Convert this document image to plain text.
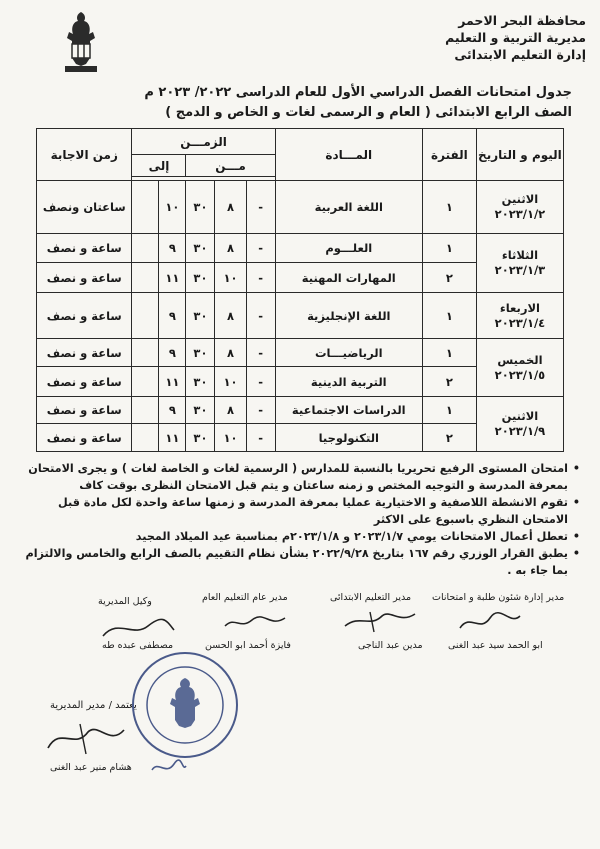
محافظة البحر الاحمر
مديرية التربية و التعليم
إدارة التعليم الابتدائى
جدول امتحانات الفصل الدراسي الأول للعام الدراسى ٢٠٢٢/ ٢٠٢٣ م
الصف الرابع الابتدائى ( العام و الرسمى لغات و الخاص و الدمج )
اليوم و التاريخ	الفترة	المـــادة	الزمـــن					زمن الاجابة
			مـــن			إلى		

الاثنين
٢٠٢٣/١/٢	١	اللغة العربية	-	٨	٣٠	١٠		ساعتان ونصف

الثلاثاء
٢٠٢٣/١/٣	١	العلـــوم	-	٨	٣٠	٩		ساعة و نصف
	٢	المهارات المهنية	-	١٠	٣٠	١١		ساعة و نصف

الاربعاء
٢٠٢٣/١/٤	١	اللغة الإنجليزية	-	٨	٣٠	٩		ساعة و نصف

الخميس
٢٠٢٣/١/٥	١	الرياضيـــات	-	٨	٣٠	٩		ساعة و نصف
	٢	التربية الدينية	-	١٠	٣٠	١١		ساعة و نصف

الاثنين
٢٠٢٣/١/٩	١	الدراسات الاجتماعية	-	٨	٣٠	٩		ساعة و نصف
	٢	التكنولوجيا	-	١٠	٣٠	١١		ساعة و نصف
• امتحان المستوى الرفيع تحريريا بالنسبة للمدارس ( الرسمية لغات و الخاصة لغات ) و يجرى الامتحان بمعرفة المدرسة و التوجيه المختص و زمنه ساعتان و يتم قبل الامتحان النظرى بوقت كاف
• تقوم الانشطة اللاصفية و الاختيارية عمليا بمعرفة المدرسة و زمنها ساعة واحدة لكل مادة قبل الامتحان النظري باسبوع على الاكثر
• تعطل أعمال الامتحانات يومي ٢٠٢٣/١/٧ و ٢٠٢٣/١/٨م بمناسبة عيد الميلاد المجيد
• يطبق القرار الوزري رقم ١٦٧ بتاريخ ٢٠٢٢/٩/٢٨ بشأن نظام التقييم بالصف الرابع والخامس والالتزام بما جاء به .
مدير إدارة شئون طلبة و امتحانات
مدير التعليم الابتدائى
مدير عام التعليم العام
وكيل المديرية
ابو الحمد سيد عبد الغنى
مدين عبد الناجى
فايزة أحمد ابو الحسن
مصطفى عبده طه
يعتمد / مدير المديرية
هشام منير عبد الغنى
